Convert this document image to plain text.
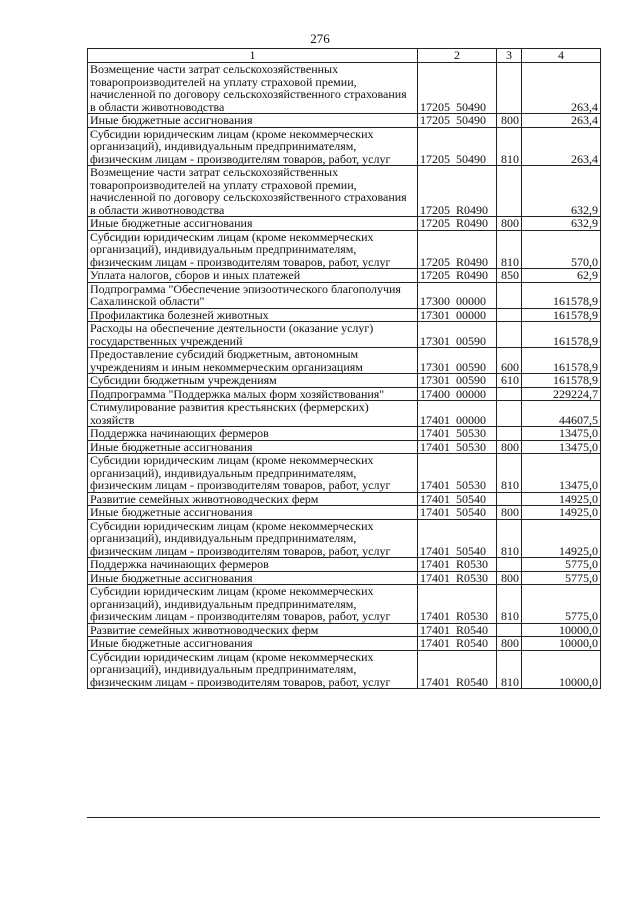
276
1	2	3	4
Возмещение части затрат сельскохозяйственных товаропроизводителей на уплату страховой премии, начисленной по договору сельскохозяйственного страхования в области животноводства	17205  50490		263,4
Иные бюджетные ассигнования	17205  50490	800	263,4
Субсидии юридическим лицам (кроме некоммерческих организаций), индивидуальным предпринимателям, физическим лицам - производителям товаров, работ, услуг	17205  50490	810	263,4
Возмещение части затрат сельскохозяйственных товаропроизводителей на уплату страховой премии, начисленной по договору сельскохозяйственного страхования в области животноводства	17205  R0490		632,9
Иные бюджетные ассигнования	17205  R0490	800	632,9
Субсидии юридическим лицам (кроме некоммерческих организаций), индивидуальным предпринимателям, физическим лицам - производителям товаров, работ, услуг	17205  R0490	810	570,0
Уплата налогов, сборов и иных платежей	17205  R0490	850	62,9
Подпрограмма "Обеспечение эпизоотического благополучия Сахалинской области"	17300  00000		161578,9
Профилактика болезней животных	17301  00000		161578,9
Расходы на обеспечение деятельности (оказание услуг) государственных учреждений	17301  00590		161578,9
Предоставление субсидий бюджетным, автономным учреждениям и иным некоммерческим организациям	17301  00590	600	161578,9
Субсидии бюджетным учреждениям	17301  00590	610	161578,9
Подпрограмма "Поддержка малых форм хозяйствования"	17400  00000		229224,7
Стимулирование развития крестьянских (фермерских) хозяйств	17401  00000		44607,5
Поддержка начинающих фермеров	17401  50530		13475,0
Иные бюджетные ассигнования	17401  50530	800	13475,0
Субсидии юридическим лицам (кроме некоммерческих организаций), индивидуальным предпринимателям, физическим лицам - производителям товаров, работ, услуг	17401  50530	810	13475,0
Развитие семейных животноводческих ферм	17401  50540		14925,0
Иные бюджетные ассигнования	17401  50540	800	14925,0
Субсидии юридическим лицам (кроме некоммерческих организаций), индивидуальным предпринимателям, физическим лицам - производителям товаров, работ, услуг	17401  50540	810	14925,0
Поддержка начинающих фермеров	17401  R0530		5775,0
Иные бюджетные ассигнования	17401  R0530	800	5775,0
Субсидии юридическим лицам (кроме некоммерческих организаций), индивидуальным предпринимателям, физическим лицам - производителям товаров, работ, услуг	17401  R0530	810	5775,0
Развитие семейных животноводческих ферм	17401  R0540		10000,0
Иные бюджетные ассигнования	17401  R0540	800	10000,0
Субсидии юридическим лицам (кроме некоммерческих организаций), индивидуальным предпринимателям, физическим лицам - производителям товаров, работ, услуг	17401  R0540	810	10000,0
